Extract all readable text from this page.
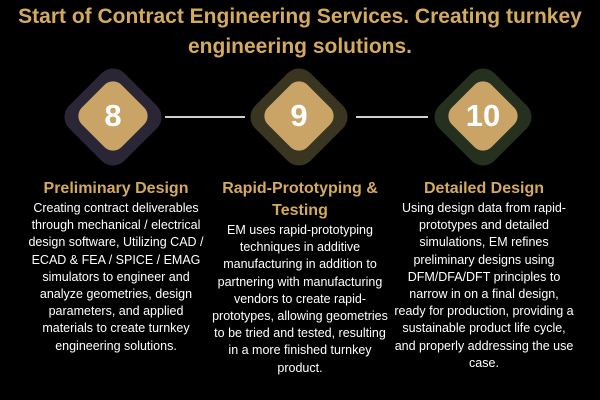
Start of Contract Engineering Services. Creating turnkey engineering solutions.
8	9	10
Preliminary Design

Creating contract deliverables through mechanical / electrical design software, Utilizing CAD / ECAD & FEA / SPICE / EMAG simulators to engineer and analyze geometries, design parameters, and applied materials to create turnkey engineering solutions.

Rapid-Prototyping & Testing

EM uses rapid-prototyping techniques in additive manufacturing in addition to partnering with manufacturing vendors to create rapid-prototypes, allowing geometries to be tried and tested, resulting in a more finished turnkey product.

Detailed Design

Using design data from rapid-prototypes and detailed simulations, EM refines preliminary designs using DFM/DFA/DFT principles to narrow in on a final design, ready for production, providing a sustainable product life cycle, and properly addressing the use case.
